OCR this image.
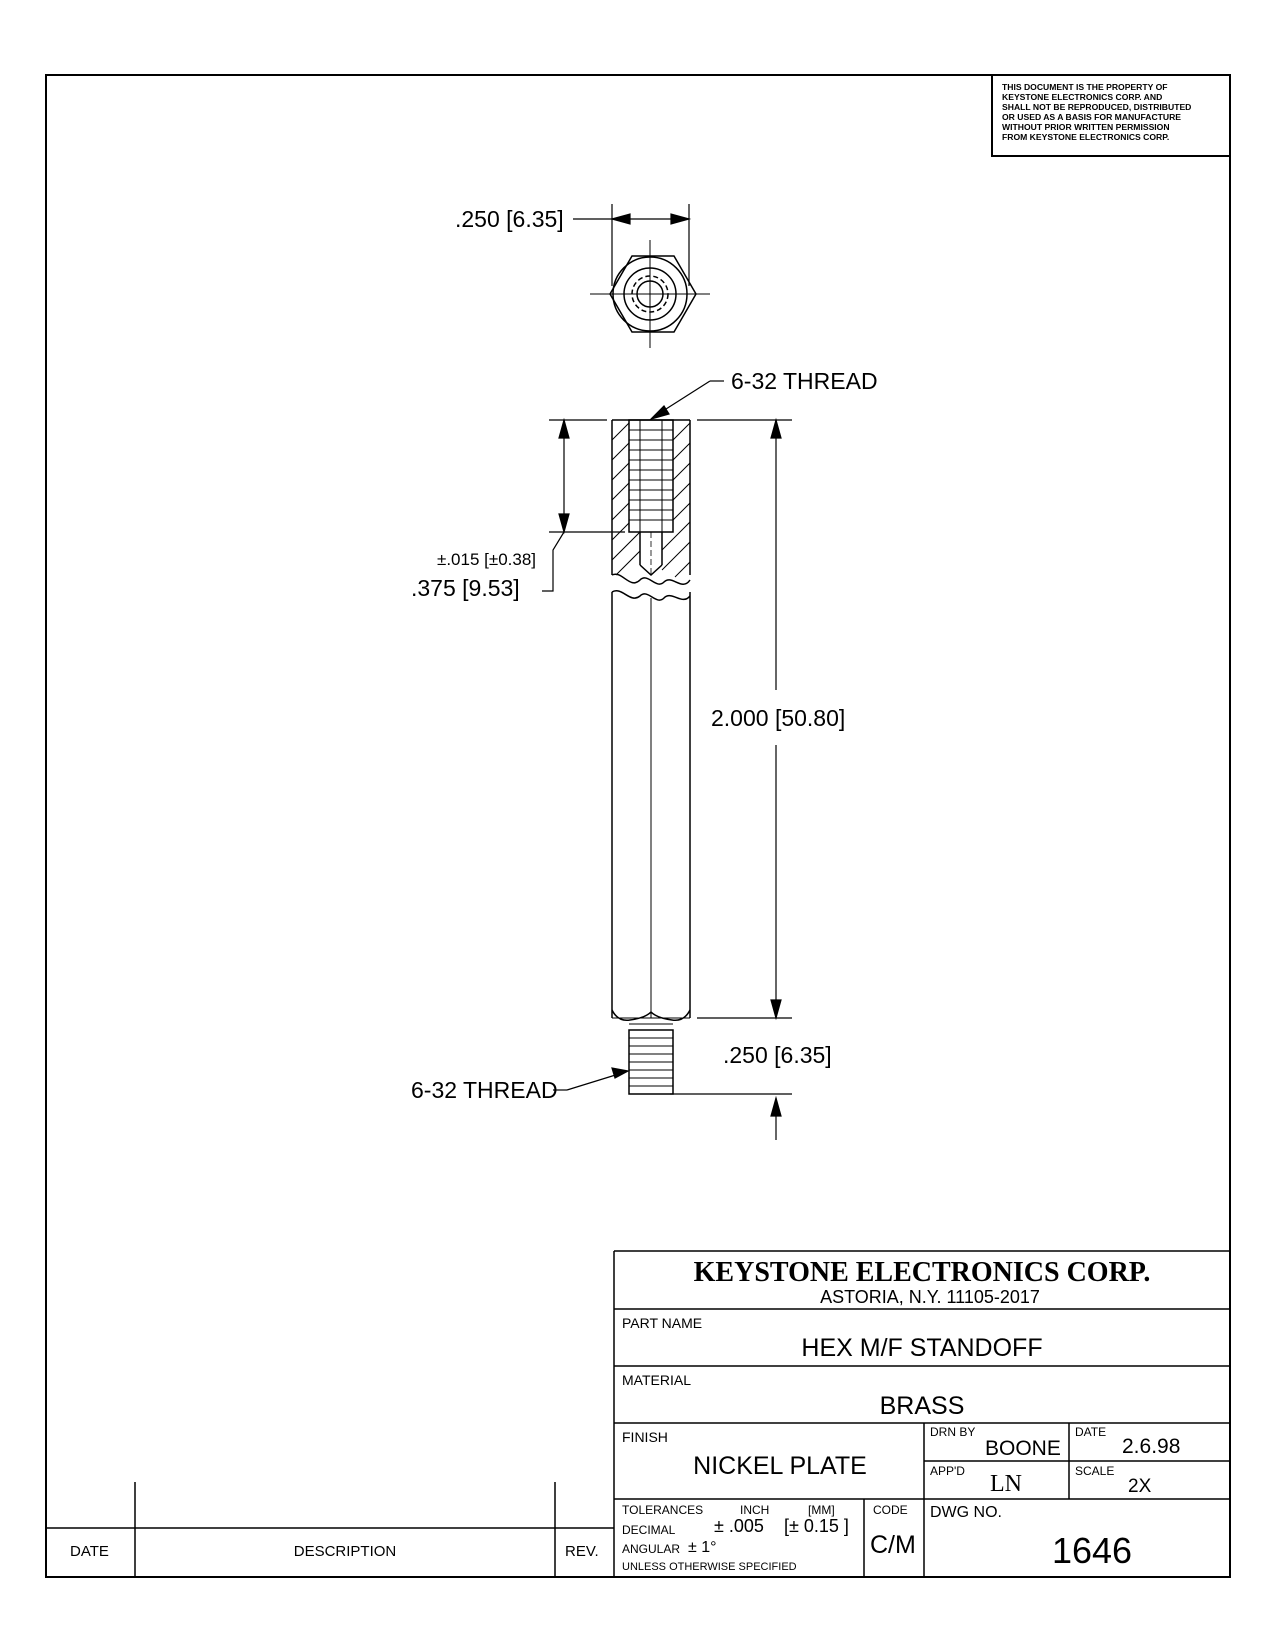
THIS DOCUMENT IS THE PROPERTY OF
KEYSTONE ELECTRONICS CORP. AND
SHALL NOT BE REPRODUCED, DISTRIBUTED
OR USED AS A BASIS FOR MANUFACTURE
WITHOUT PRIOR WRITTEN PERMISSION
FROM KEYSTONE ELECTRONICS CORP.
.250 [6.35]
6-32 THREAD
±.015 [±0.38]
.375 [9.53]
2.000 [50.80]
.250 [6.35]
6-32 THREAD
KEYSTONE ELECTRONICS CORP.
ASTORIA, N.Y. 11105-2017
PART NAME
HEX M/F STANDOFF
MATERIAL
BRASS
FINISH
NICKEL PLATE
DRN BY
BOONE
DATE
2.6.98
APP'D LN	SCALE
2X
TOLERANCES	INCH	[MM]	CODE
DECIMAL ± .005 [± 0.15 ]
ANGULAR ± 1°
UNLESS OTHERWISE SPECIFIED
C/M
DWG NO.
1646
DATE	DESCRIPTION	REV.
